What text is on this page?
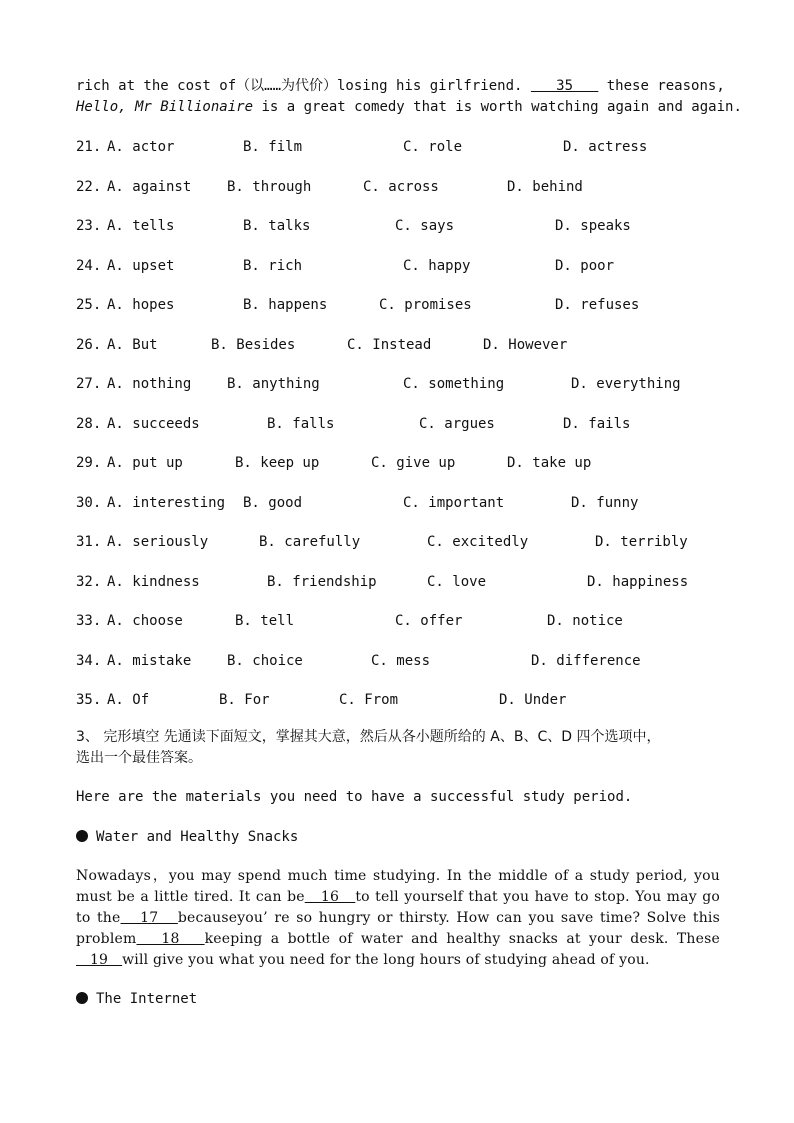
rich at the cost of（以……为代价）losing his girlfriend.    35    these reasons,

Hello, Mr Billionaire is a great comedy that is worth watching again and again.

21. A. actor	B. film	C. role	D. actress
22. A. against	B. through	C. across	D. behind
23. A. tells	B. talks	C. says	D. speaks
24. A. upset	B. rich	C. happy	D. poor
25. A. hopes	B. happens	C. promises	D. refuses
26. A. But	B. Besides	C. Instead	D. However
27. A. nothing	B. anything	C. something	D. everything
28. A. succeeds	B. falls	C. argues	D. fails
29. A. put up	B. keep up	C. give up	D. take up
30. A. interesting B. good	C. important	D. funny
31. A. seriously	B. carefully	C. excitedly	D. terribly
32. A. kindness	B. friendship	C. love	D. happiness
33. A. choose	B. tell	C. offer	D. notice
34. A. mistake	B. choice	C. mess	D. difference
35. A. Of	B. For	C. From	D. Under

3、 完形填空 先通读下面短文，掌握其大意，然后从各小题所给的 A、B、C、D 四个选项中，

选出一个最佳答案。

Here are the materials you need to have a successful study period.

Water and Healthy Snacks

Nowadays，you may spend much time studying. In the middle of a study period, you must be a little tired. It can be   16   to tell yourself that you have to stop. You may go to the   17   becauseyou’ re so hungry or thirsty. How can you save time? Solve this problem   18   keeping a bottle of water and healthy snacks at your desk. These   19   will give you what you need for the long hours of studying ahead of you.

The Internet
